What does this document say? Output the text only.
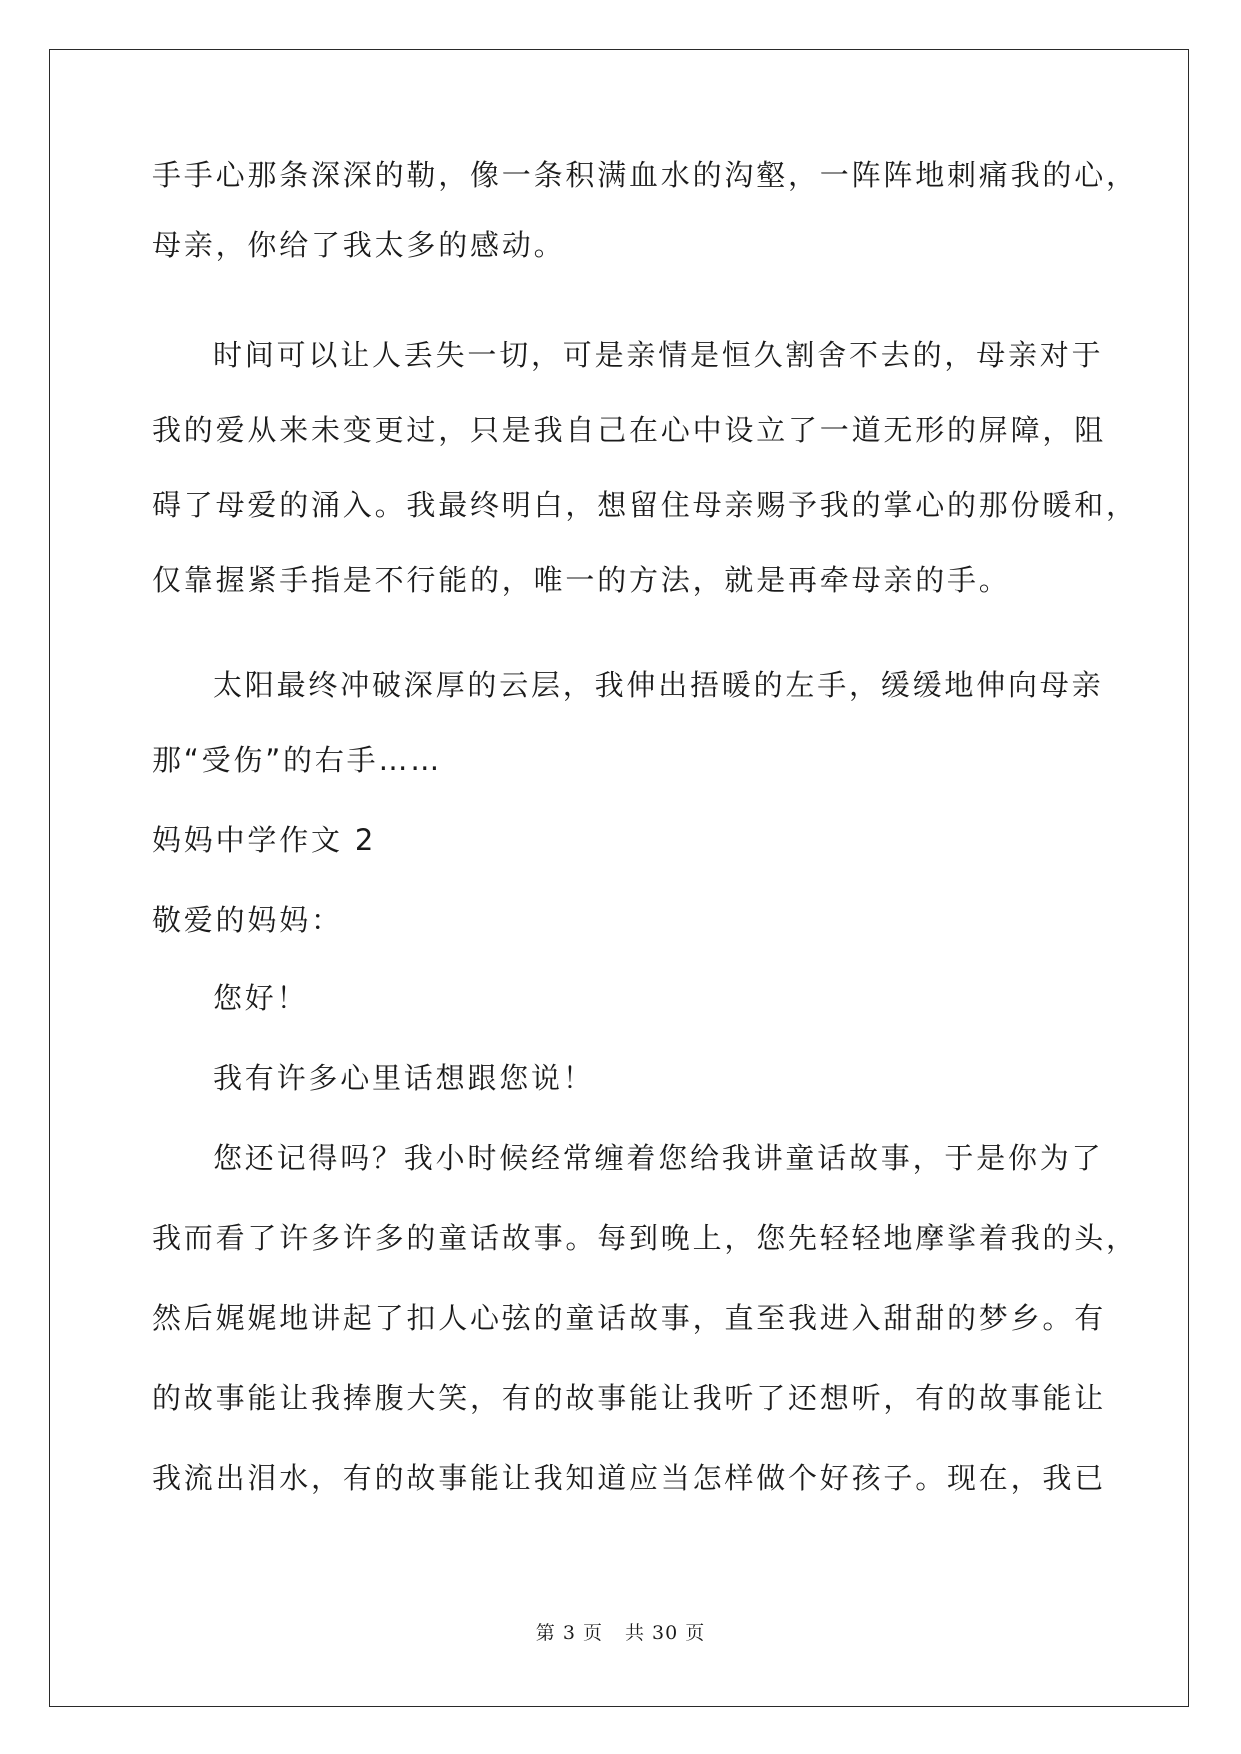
手手心那条深深的勒，像一条积满血水的沟壑，一阵阵地刺痛我的心，

母亲，你给了我太多的感动。

时间可以让人丢失一切，可是亲情是恒久割舍不去的，母亲对于

我的爱从来未变更过，只是我自己在心中设立了一道无形的屏障，阻

碍了母爱的涌入。我最终明白，想留住母亲赐予我的掌心的那份暖和，

仅靠握紧手指是不行能的，唯一的方法，就是再牵母亲的手。

太阳最终冲破深厚的云层，我伸出捂暖的左手，缓缓地伸向母亲

那“受伤”的右手……

妈妈中学作文 2

敬爱的妈妈：

您好！

我有许多心里话想跟您说！

您还记得吗？我小时候经常缠着您给我讲童话故事，于是你为了

我而看了许多许多的童话故事。每到晚上，您先轻轻地摩挲着我的头，

然后娓娓地讲起了扣人心弦的童话故事，直至我进入甜甜的梦乡。有

的故事能让我捧腹大笑，有的故事能让我听了还想听，有的故事能让

我流出泪水，有的故事能让我知道应当怎样做个好孩子。现在，我已

第 3 页 共 30 页
